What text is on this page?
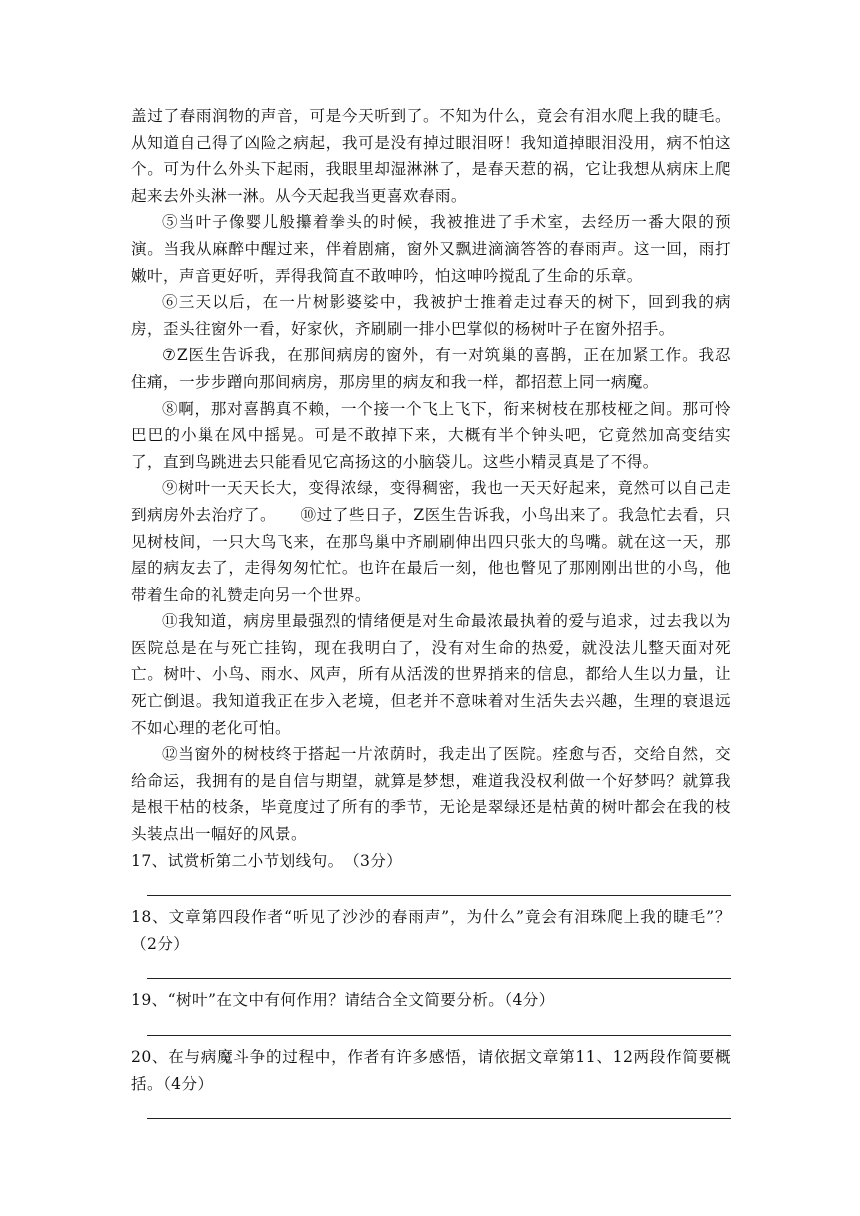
盖过了春雨润物的声音，可是今天听到了。不知为什么，竟会有泪水爬上我的睫毛。从知道自己得了凶险之病起，我可是没有掉过眼泪呀！我知道掉眼泪没用，病不怕这个。可为什么外头下起雨，我眼里却湿淋淋了，是春天惹的祸，它让我想从病床上爬起来去外头淋一淋。从今天起我当更喜欢春雨。

⑤当叶子像婴儿般攥着拳头的时候，我被推进了手术室，去经历一番大限的预演。当我从麻醉中醒过来，伴着剧痛，窗外又飘进滴滴答答的春雨声。这一回，雨打嫩叶，声音更好听，弄得我简直不敢呻吟，怕这呻吟搅乱了生命的乐章。

⑥三天以后，在一片树影婆娑中，我被护士推着走过春天的树下，回到我的病房，歪头往窗外一看，好家伙，齐刷刷一排小巴掌似的杨树叶子在窗外招手。

⑦Z医生告诉我，在那间病房的窗外，有一对筑巢的喜鹊，正在加紧工作。我忍住痛，一步步蹭向那间病房，那房里的病友和我一样，都招惹上同一病魔。

⑧啊，那对喜鹊真不赖，一个接一个飞上飞下，衔来树枝在那枝桠之间。那可怜巴巴的小巢在风中摇晃。可是不敢掉下来，大概有半个钟头吧，它竟然加高变结实了，直到鸟跳进去只能看见它高扬这的小脑袋儿。这些小精灵真是了不得。

⑨树叶一天天长大，变得浓绿，变得稠密，我也一天天好起来，竟然可以自己走到病房外去治疗了。　　⑩过了些日子，Z医生告诉我，小鸟出来了。我急忙去看，只见树枝间，一只大鸟飞来，在那鸟巢中齐刷刷伸出四只张大的鸟嘴。就在这一天，那屋的病友去了，走得匆匆忙忙。也许在最后一刻，他也瞥见了那刚刚出世的小鸟，他带着生命的礼赞走向另一个世界。

⑪我知道，病房里最强烈的情绪便是对生命最浓最执着的爱与追求，过去我以为医院总是在与死亡挂钩，现在我明白了，没有对生命的热爱，就没法儿整天面对死亡。树叶、小鸟、雨水、风声，所有从活泼的世界捎来的信息，都给人生以力量，让死亡倒退。我知道我正在步入老境，但老并不意味着对生活失去兴趣，生理的衰退远不如心理的老化可怕。

⑫当窗外的树枝终于搭起一片浓荫时，我走出了医院。痊愈与否，交给自然，交给命运，我拥有的是自信与期望，就算是梦想，难道我没权利做一个好梦吗？就算我是根干枯的枝条，毕竟度过了所有的季节，无论是翠绿还是枯黄的树叶都会在我的枝头装点出一幅好的风景。

17、试赏析第二小节划线句。　（3分）

18、文章第四段作者“听见了沙沙的春雨声”，为什么”竟会有泪珠爬上我的睫毛”？（2分）

19、“树叶”在文中有何作用？请结合全文简要分析。（4分）

20、在与病魔斗争的过程中，作者有许多感悟，请依据文章第11、12两段作简要概括。（4分）
